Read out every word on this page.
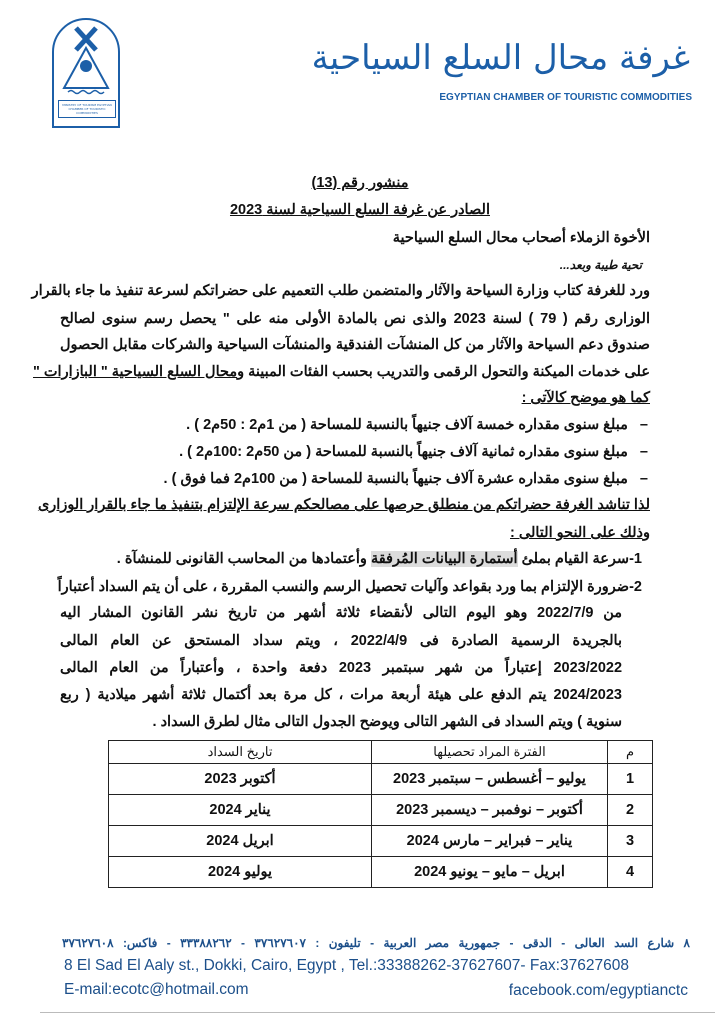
MINISTRY OF TOURISM EGYPTIAN CHAMBER OF TOURISTIC COMMODITIES
غرفة محال السلع السياحية
EGYPTIAN CHAMBER OF TOURISTIC COMMODITIES
منشور رقم (13)
الصادر عن غرفة السلع السياحية لسنة 2023
الأخوة الزملاء أصحاب محال السلع السياحية
تحية طيبة وبعد...
ورد للغرفة كتاب وزارة السياحة والآثار والمتضمن طلب التعميم على حضراتكم لسرعة تنفيذ ما جاء بالقرار
الوزارى رقم ( 79 ) لسنة 2023 والذى نص بالمادة الأولى منه على " يحصل رسم سنوى لصالح
صندوق دعم السياحة والآثار من كل المنشآت الفندقية والمنشآت السياحية والشركات مقابل الحصول
على خدمات الميكنة والتحول الرقمى والتدريب بحسب الفئات المبينة ومحال السلع السياحية " البازارات "
كما هو موضح كالآتى :
–   مبلغ سنوى مقداره خمسة آلاف جنيهاً بالنسبة للمساحة ( من 1م2 : 50م2 ) .
–   مبلغ سنوى مقداره ثمانية آلاف جنيهاً بالنسبة للمساحة ( من 50م2 :100م2 ) .
–   مبلغ سنوى مقداره عشرة آلاف جنيهاً بالنسبة للمساحة ( من 100م2 فما فوق ) .
لذا تناشد الغرفة حضراتكم من منطلق حرصها على مصالحكم سرعة الإلتزام بتنفيذ ما جاء بالقرار الوزارى
وذلك على النحو التالى :
1-سرعة القيام بملئ أستمارة البيانات المُرفقة وأعتمادها من المحاسب القانونى للمنشآة .
2-ضرورة الإلتزام بما ورد بقواعد وآليات تحصيل الرسم والنسب المقررة ، على أن يتم السداد أعتباراً
من 2022/7/9 وهو اليوم التالى لأنقضاء ثلاثة أشهر من تاريخ نشر القانون المشار اليه
بالجريدة الرسمية الصادرة فى 2022/4/9 ، ويتم سداد المستحق عن العام المالى
2023/2022 إعتباراً من شهر سبتمبر 2023 دفعة واحدة ، وأعتباراً من العام المالى
2024/2023 يتم الدفع على هيئة أربعة مرات ، كل مرة بعد أكتمال ثلاثة أشهر ميلادية ( ربع
سنوية ) ويتم السداد فى الشهر التالى ويوضح الجدول التالى مثال لطرق السداد .
م	الفترة المراد تحصيلها	تاريخ السداد
1	يوليو – أغسطس – سبتمبر 2023	أكتوبر 2023
2	أكتوبر – نوفمبر – ديسمبر 2023	يناير 2024
3	يناير – فبراير – مارس 2024	ابريل 2024
4	ابريل – مايو – يونيو 2024	يوليو 2024
٨ شارع السد العالى - الدقى - جمهورية مصر العربية - تليفون : ٣٧٦٢٧٦٠٧ - ٣٣٣٨٨٢٦٢ - فاكس: ٣٧٦٢٧٦٠٨
8 El Sad El Aaly st., Dokki, Cairo, Egypt , Tel.:33388262-37627607- Fax:37627608
E-mail:ecotc@hotmail.com	facebook.com/egyptianctc
